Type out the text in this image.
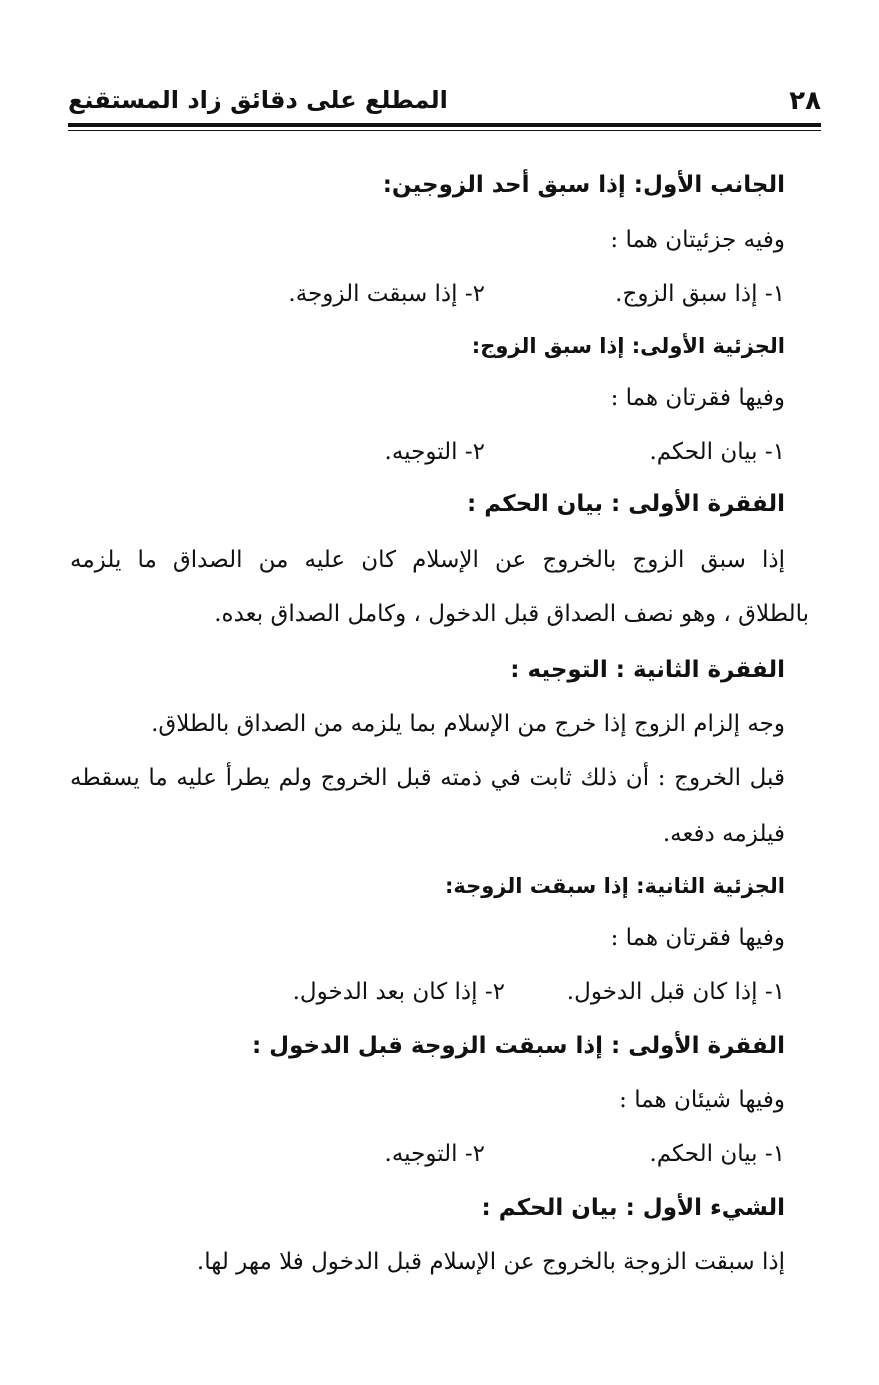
المطلع على دقائق زاد المستقنع	٢٨
الجانب الأول: إذا سبق أحد الزوجين:
وفيه جزئيتان هما :
١- إذا سبق الزوج.
٢- إذا سبقت الزوجة.
الجزئية الأولى: إذا سبق الزوج:
وفيها فقرتان هما :
١- بيان الحكم.
٢- التوجيه.
الفقرة الأولى : بيان الحكم :
إذا سبق الزوج بالخروج عن الإسلام كان عليه من الصداق ما يلزمه
بالطلاق ، وهو نصف الصداق قبل الدخول ، وكامل الصداق بعده.
الفقرة الثانية : التوجيه :
وجه إلزام الزوج إذا خرج من الإسلام بما يلزمه من الصداق بالطلاق.
قبل الخروج : أن ذلك ثابت في ذمته قبل الخروج ولم يطرأ عليه ما يسقطه
فيلزمه دفعه.
الجزئية الثانية: إذا سبقت الزوجة:
وفيها فقرتان هما :
١- إذا كان قبل الدخول.
٢- إذا كان بعد الدخول.
الفقرة الأولى : إذا سبقت الزوجة قبل الدخول :
وفيها شيئان هما :
١- بيان الحكم.
٢- التوجيه.
الشيء الأول : بيان الحكم :
إذا سبقت الزوجة بالخروج عن الإسلام قبل الدخول فلا مهر لها.
